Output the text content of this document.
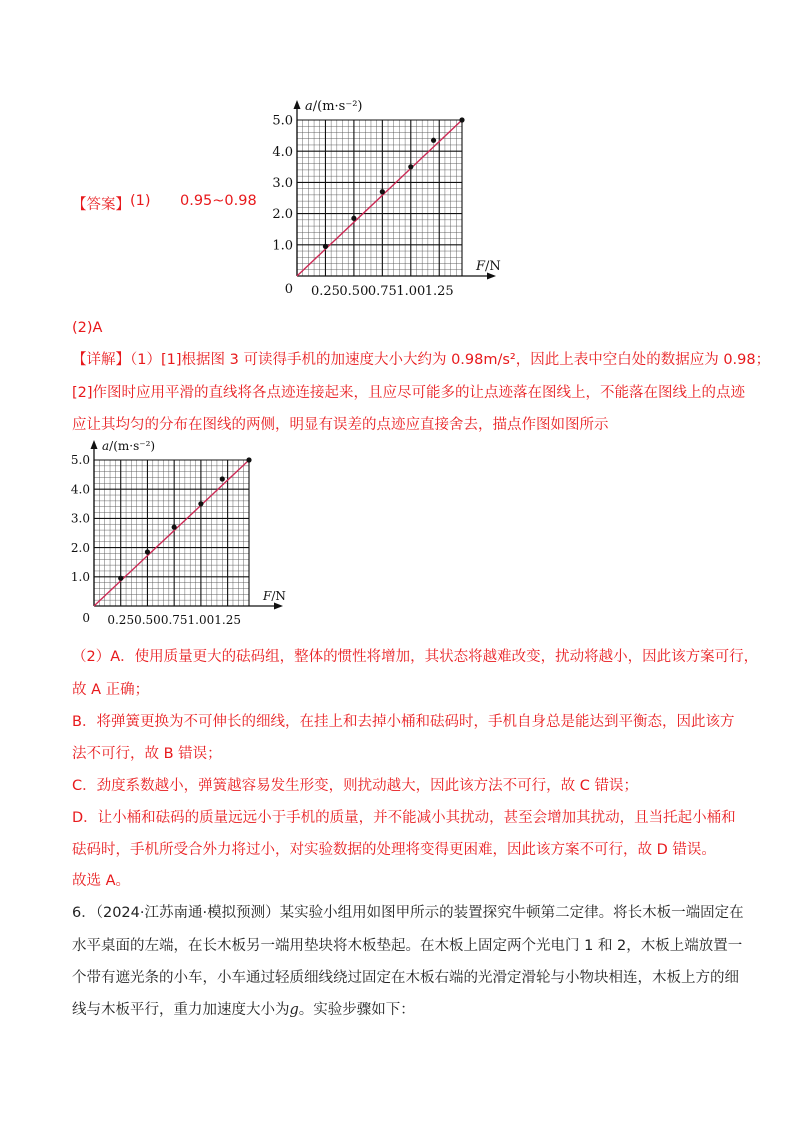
【答案】 (1) 0.95~0.98
1.0
2.0
3.0
4.0
5.0
0.25 0.50 0.75 1.00 1.25
0
F/N
a/(m·s⁻²)
(2)A
【详解】（1）[1]根据图 3 可读得手机的加速度大小大约为 0.98m/s²，因此上表中空白处的数据应为 0.98；
[2]作图时应用平滑的直线将各点迹连接起来，且应尽可能多的让点迹落在图线上，不能落在图线上的点迹
应让其均匀的分布在图线的两侧，明显有误差的点迹应直接舍去，描点作图如图所示
1.0
2.0
3.0
4.0
5.0
0.25 0.50 0.75 1.00 1.25
0
F/N
a/(m·s⁻²)
（2）A．使用质量更大的砝码组，整体的惯性将增加，其状态将越难改变，扰动将越小，因此该方案可行，
故 A 正确；
B．将弹簧更换为不可伸长的细线，在挂上和去掉小桶和砝码时，手机自身总是能达到平衡态，因此该方
法不可行，故 B 错误；
C．劲度系数越小，弹簧越容易发生形变，则扰动越大，因此该方法不可行，故 C 错误；
D．让小桶和砝码的质量远远小于手机的质量，并不能减小其扰动，甚至会增加其扰动，且当托起小桶和
砝码时，手机所受合外力将过小，对实验数据的处理将变得更困难，因此该方案不可行，故 D 错误。
故选 A。
6．（2024·江苏南通·模拟预测）某实验小组用如图甲所示的装置探究牛顿第二定律。将长木板一端固定在
水平桌面的左端，在长木板另一端用垫块将木板垫起。在木板上固定两个光电门 1 和 2，木板上端放置一
个带有遮光条的小车，小车通过轻质细线绕过固定在木板右端的光滑定滑轮与小物块相连，木板上方的细
线与木板平行，重力加速度大小为g。实验步骤如下：
